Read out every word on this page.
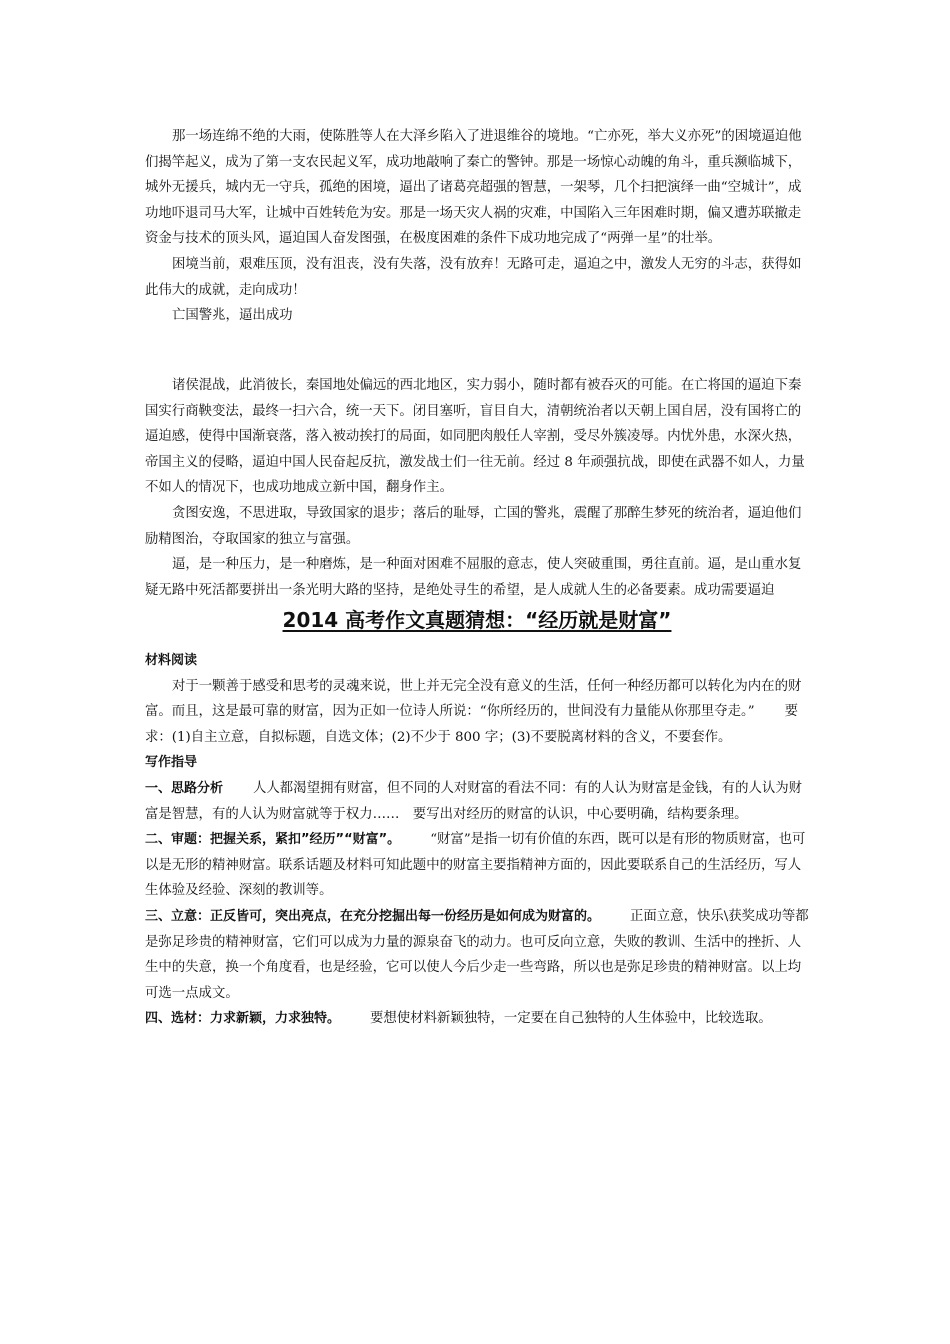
那一场连绵不绝的大雨，使陈胜等人在大泽乡陷入了进退维谷的境地。“亡亦死，举大义亦死”的困境逼迫他们揭竿起义，成为了第一支农民起义军，成功地敲响了秦亡的警钟。那是一场惊心动魄的角斗，重兵濒临城下，城外无援兵，城内无一守兵，孤绝的困境，逼出了诸葛亮超强的智慧，一架琴，几个扫把演绎一曲“空城计”，成功地吓退司马大军，让城中百姓转危为安。那是一场天灾人祸的灾难，中国陷入三年困难时期，偏又遭苏联撤走资金与技术的顶头风，逼迫国人奋发图强，在极度困难的条件下成功地完成了“两弹一星”的壮举。

困境当前，艰难压顶，没有沮丧，没有失落，没有放弃！无路可走，逼迫之中，激发人无穷的斗志，获得如此伟大的成就，走向成功！

亡国警兆，逼出成功

诸侯混战，此消彼长，秦国地处偏远的西北地区，实力弱小，随时都有被吞灭的可能。在亡将国的逼迫下秦国实行商鞅变法，最终一扫六合，统一天下。闭目塞听，盲目自大，清朝统治者以天朝上国自居，没有国将亡的逼迫感，使得中国渐衰落，落入被动挨打的局面，如同肥肉般任人宰割，受尽外簇凌辱。内忧外患，水深火热，帝国主义的侵略，逼迫中国人民奋起反抗，激发战士们一往无前。经过 8 年顽强抗战，即使在武器不如人，力量不如人的情况下，也成功地成立新中国，翻身作主。

贪图安逸，不思进取，导致国家的退步；落后的耻辱，亡国的警兆，震醒了那醉生梦死的统治者，逼迫他们励精图治，夺取国家的独立与富强。

逼，是一种压力，是一种磨炼，是一种面对困难不屈服的意志，使人突破重围，勇往直前。逼，是山重水复疑无路中死活都要拼出一条光明大路的坚持，是绝处寻生的希望，是人成就人生的必备要素。成功需要逼迫

2014 高考作文真题猜想：“经历就是财富”

材料阅读

对于一颗善于感受和思考的灵魂来说，世上并无完全没有意义的生活，任何一种经历都可以转化为内在的财富。而且，这是最可靠的财富，因为正如一位诗人所说：“你所经历的，世间没有力量能从你那里夺走。” 要求：(1)自主立意，自拟标题，自选文体；(2)不少于 800 字；(3)不要脱离材料的含义，不要套作。

写作指导

一、思路分析 人人都渴望拥有财富，但不同的人对财富的看法不同：有的人认为财富是金钱，有的人认为财富是智慧，有的人认为财富就等于权力……　要写出对经历的财富的认识，中心要明确，结构要条理。

二、审题：把握关系，紧扣”经历”“财富”。 “财富”是指一切有价值的东西，既可以是有形的物质财富，也可以是无形的精神财富。联系话题及材料可知此题中的财富主要指精神方面的，因此要联系自己的生活经历，写人生体验及经验、深刻的教训等。

三、立意：正反皆可，突出亮点，在充分挖掘出每一份经历是如何成为财富的。 正面立意，快乐\获奖成功等都是弥足珍贵的精神财富，它们可以成为力量的源泉奋飞的动力。也可反向立意，失败的教训、生活中的挫折、人生中的失意，换一个角度看，也是经验，它可以使人今后少走一些弯路，所以也是弥足珍贵的精神财富。以上均可选一点成文。

四、选材：力求新颖，力求独特。 要想使材料新颖独特，一定要在自己独特的人生体验中，比较选取。
